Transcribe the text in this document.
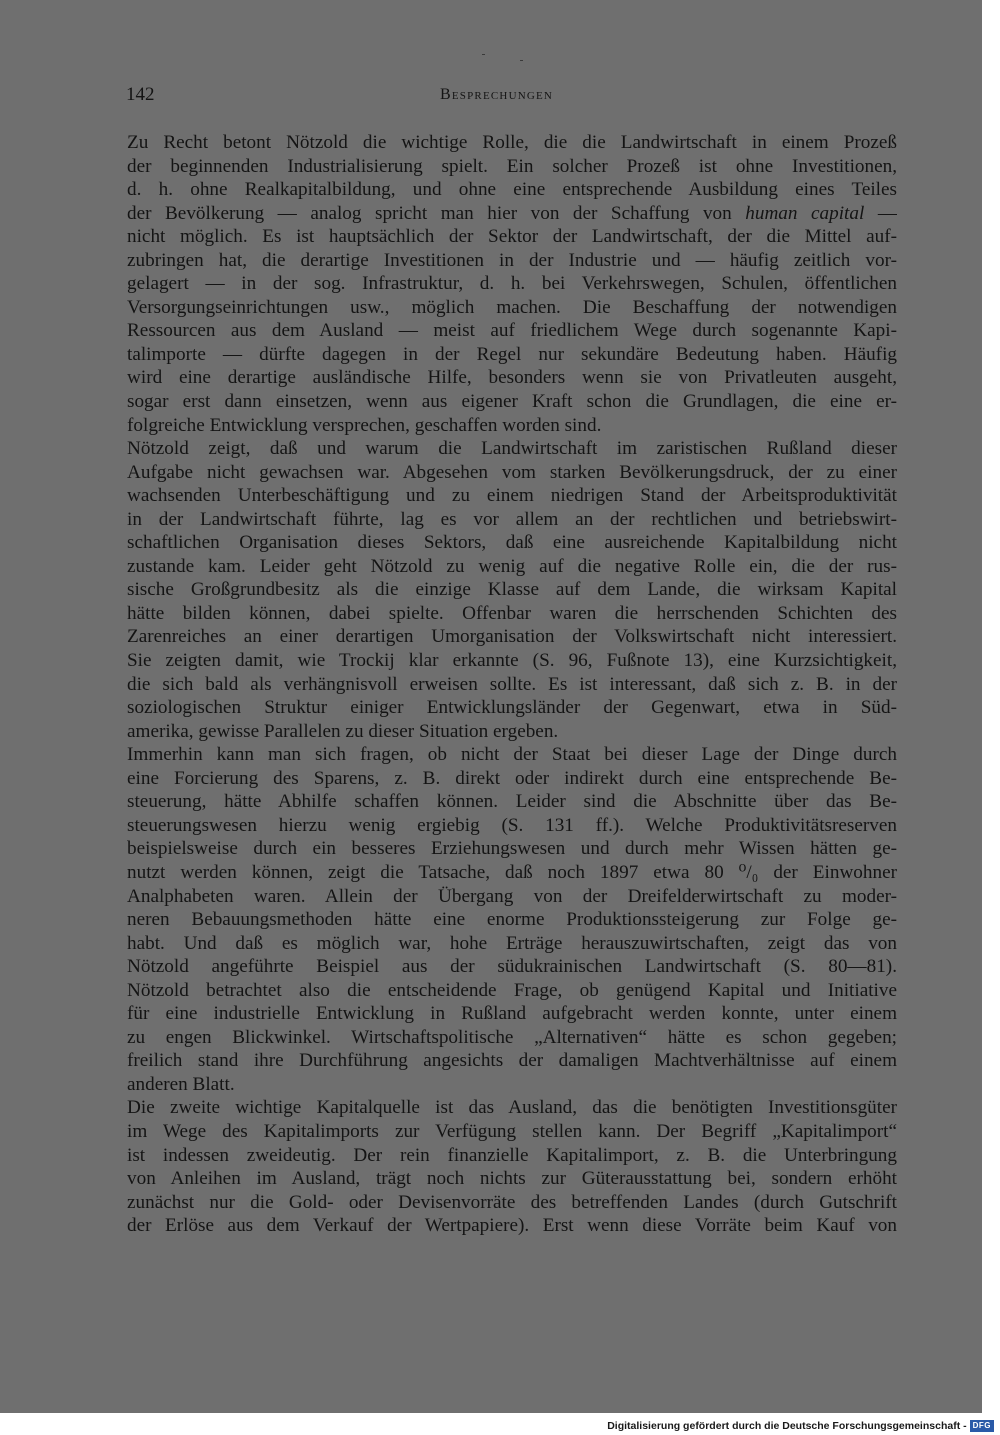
142	Besprechungen
Zu Recht betont Nötzold die wichtige Rolle, die die Landwirtschaft in einem Prozeß
der beginnenden Industrialisierung spielt. Ein solcher Prozeß ist ohne Investitionen,
d. h. ohne Realkapitalbildung, und ohne eine entsprechende Ausbildung eines Teiles
der Bevölkerung — analog spricht man hier von der Schaffung von human capital —
nicht möglich. Es ist hauptsächlich der Sektor der Landwirtschaft, der die Mittel auf-
zubringen hat, die derartige Investitionen in der Industrie und — häufig zeitlich vor-
gelagert — in der sog. Infrastruktur, d. h. bei Verkehrswegen, Schulen, öffentlichen
Versorgungseinrichtungen usw., möglich machen. Die Beschaffung der notwendigen
Ressourcen aus dem Ausland — meist auf friedlichem Wege durch sogenannte Kapi-
talimporte — dürfte dagegen in der Regel nur sekundäre Bedeutung haben. Häufig
wird eine derartige ausländische Hilfe, besonders wenn sie von Privatleuten ausgeht,
sogar erst dann einsetzen, wenn aus eigener Kraft schon die Grundlagen, die eine er-
folgreiche Entwicklung versprechen, geschaffen worden sind.
Nötzold zeigt, daß und warum die Landwirtschaft im zaristischen Rußland dieser
Aufgabe nicht gewachsen war. Abgesehen vom starken Bevölkerungsdruck, der zu einer
wachsenden Unterbeschäftigung und zu einem niedrigen Stand der Arbeitsproduktivität
in der Landwirtschaft führte, lag es vor allem an der rechtlichen und betriebswirt-
schaftlichen Organisation dieses Sektors, daß eine ausreichende Kapitalbildung nicht
zustande kam. Leider geht Nötzold zu wenig auf die negative Rolle ein, die der rus-
sische Großgrundbesitz als die einzige Klasse auf dem Lande, die wirksam Kapital
hätte bilden können, dabei spielte. Offenbar waren die herrschenden Schichten des
Zarenreiches an einer derartigen Umorganisation der Volkswirtschaft nicht interessiert.
Sie zeigten damit, wie Trockij klar erkannte (S. 96, Fußnote 13), eine Kurzsichtigkeit,
die sich bald als verhängnisvoll erweisen sollte. Es ist interessant, daß sich z. B. in der
soziologischen Struktur einiger Entwicklungsländer der Gegenwart, etwa in Süd-
amerika, gewisse Parallelen zu dieser Situation ergeben.
Immerhin kann man sich fragen, ob nicht der Staat bei dieser Lage der Dinge durch
eine Forcierung des Sparens, z. B. direkt oder indirekt durch eine entsprechende Be-
steuerung, hätte Abhilfe schaffen können. Leider sind die Abschnitte über das Be-
steuerungswesen hierzu wenig ergiebig (S. 131 ff.). Welche Produktivitätsreserven
beispielsweise durch ein besseres Erziehungswesen und durch mehr Wissen hätten ge-
nutzt werden können, zeigt die Tatsache, daß noch 1897 etwa 80 ⁰/₀ der Einwohner
Analphabeten waren. Allein der Übergang von der Dreifelderwirtschaft zu moder-
neren Bebauungsmethoden hätte eine enorme Produktionssteigerung zur Folge ge-
habt. Und daß es möglich war, hohe Erträge herauszuwirtschaften, zeigt das von
Nötzold angeführte Beispiel aus der südukrainischen Landwirtschaft (S. 80—81).
Nötzold betrachtet also die entscheidende Frage, ob genügend Kapital und Initiative
für eine industrielle Entwicklung in Rußland aufgebracht werden konnte, unter einem
zu engen Blickwinkel. Wirtschaftspolitische „Alternativen“ hätte es schon gegeben;
freilich stand ihre Durchführung angesichts der damaligen Machtverhältnisse auf einem
anderen Blatt.
Die zweite wichtige Kapitalquelle ist das Ausland, das die benötigten Investitionsgüter
im Wege des Kapitalimports zur Verfügung stellen kann. Der Begriff „Kapitalimport“
ist indessen zweideutig. Der rein finanzielle Kapitalimport, z. B. die Unterbringung
von Anleihen im Ausland, trägt noch nichts zur Güterausstattung bei, sondern erhöht
zunächst nur die Gold- oder Devisenvorräte des betreffenden Landes (durch Gutschrift
der Erlöse aus dem Verkauf der Wertpapiere). Erst wenn diese Vorräte beim Kauf von
Digitalisierung gefördert durch die Deutsche Forschungsgemeinschaft - DFG
